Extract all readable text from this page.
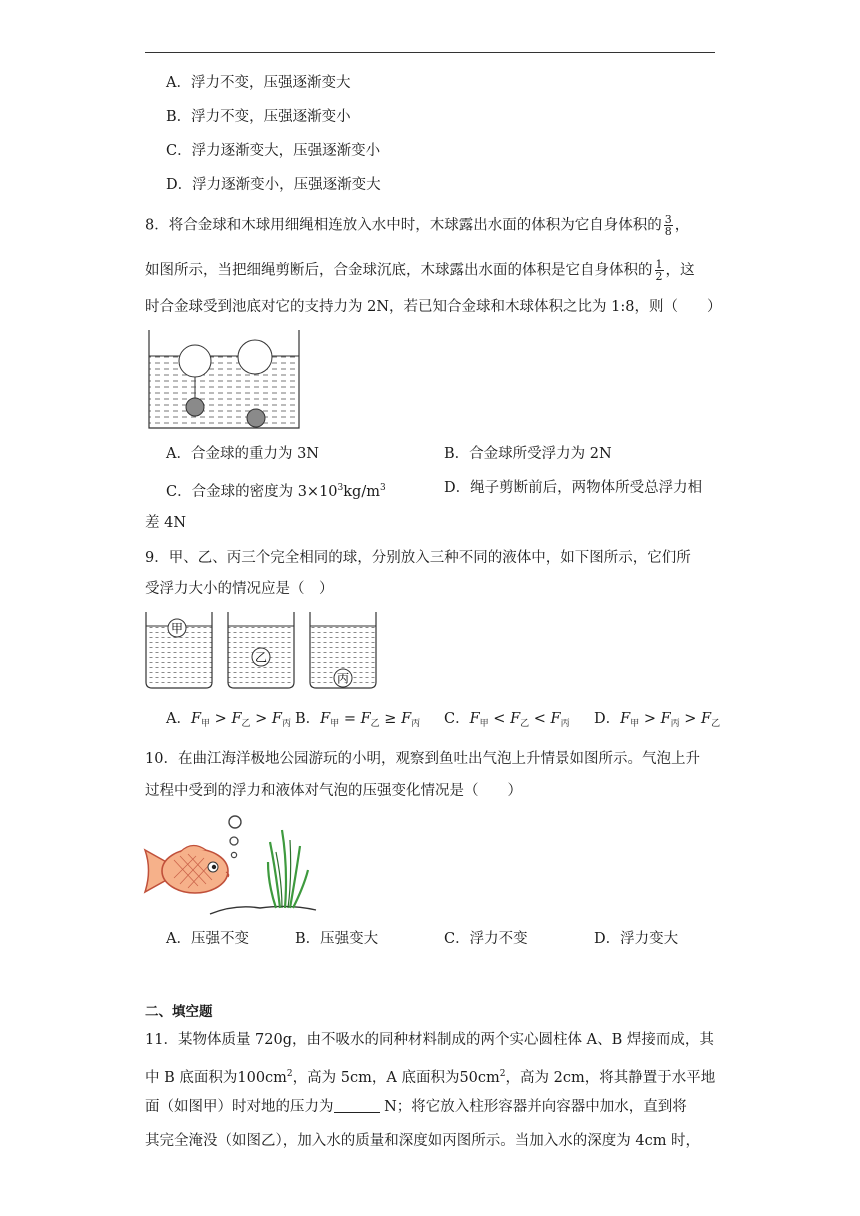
A．浮力不变，压强逐渐变大
B．浮力不变，压强逐渐变小
C．浮力逐渐变大，压强逐渐变小
D．浮力逐渐变小，压强逐渐变大
8．将合金球和木球用细绳相连放入水中时，木球露出水面的体积为它自身体积的 $\frac{3}{8}$ ，
如图所示，当把细绳剪断后，合金球沉底，木球露出水面的体积是它自身体积的 $\frac{1}{2}$ ，这
时合金球受到池底对它的支持力为 2N，若已知合金球和木球体积之比为 1:8，则（　　）
A．合金球的重力为 3N	B．合金球所受浮力为 2N
C．合金球的密度为 $3\times 10^3kg/m^3$	D．绳子剪断前后，两物体所受总浮力相
差 4N
9．甲、乙、丙三个完全相同的球，分别放入三种不同的液体中，如下图所示，它们所
受浮力大小的情况应是（　）
甲
乙
丙
A．$F_甲 > F_乙 > F_丙$ B．$F_甲 = F_乙 \ge F_丙$ C．$F_甲 < F_乙 < F_丙$ D．$F_甲 > F_丙 > F_乙$
10．在曲江海洋极地公园游玩的小明，观察到鱼吐出气泡上升情景如图所示。气泡上升
过程中受到的浮力和液体对气泡的压强变化情况是（　　）
A．压强不变	B．压强变大	C．浮力不变	D．浮力变大
二、填空题
11．某物体质量 720g，由不吸水的同种材料制成的两个实心圆柱体 A、B 焊接而成，其
中 B 底面积为$100cm^2$，高为 5cm，A 底面积为$50cm^2$，高为 2cm，将其静置于水平地
面（如图甲）时对地的压力为	N；将它放入柱形容器并向容器中加水，直到将
其完全淹没（如图乙），加入水的质量和深度如丙图所示。当加入水的深度为 4cm 时，
